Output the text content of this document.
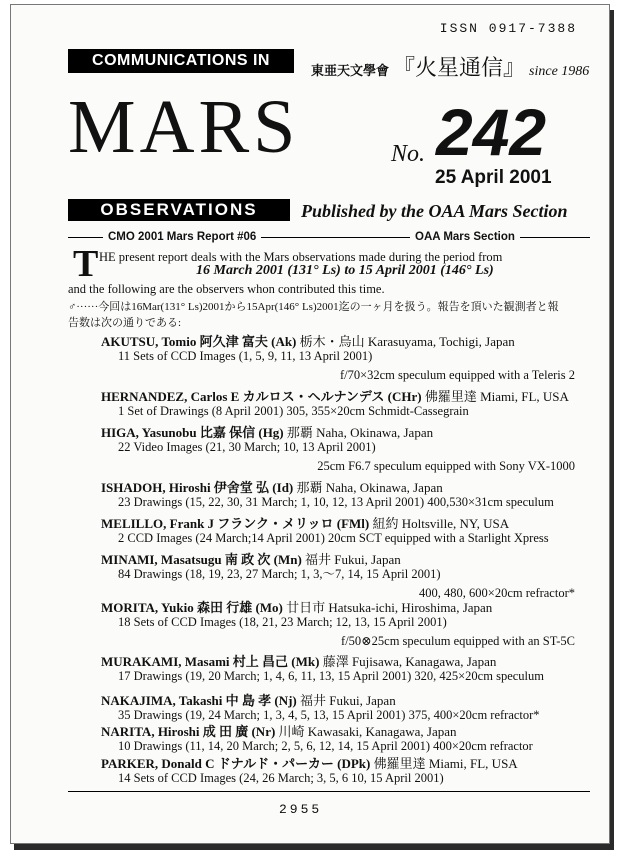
ISSN 0917-7388
COMMUNICATIONS IN
東亜天文學會 『火星通信』 since 1986
MARS	No. 242
25 April 2001
OBSERVATIONS	Published by the OAA Mars Section
CMO 2001 Mars Report #06	OAA Mars Section
T HE present report deals with the Mars observations made during the period from
16 March 2001 (131° Ls) to 15 April 2001 (146° Ls)
and the following are the observers whon contributed this time.
♂······今回は16Mar(131° Ls)2001から15Apr(146° Ls)2001迄の一ヶ月を扱う。報告を頂いた観測者と報
告数は次の通りである:
2955
AKUTSU, Tomio 阿久津 富夫 (Ak) 栃木・烏山 Karasuyama, Tochigi, Japan
11 Sets of CCD Images (1, 5, 9, 11, 13 April 2001)
f/70×32cm speculum equipped with a Teleris 2
HERNANDEZ, Carlos E カルロス・ヘルナンデス (CHr) 佛羅里達 Miami, FL, USA
1 Set of Drawings (8 April 2001) 305, 355×20cm Schmidt-Cassegrain
HIGA, Yasunobu 比嘉 保信 (Hg) 那覇 Naha, Okinawa, Japan
22 Video Images (21, 30 March; 10, 13 April 2001)
25cm F6.7 speculum equipped with Sony VX-1000
ISHADOH, Hiroshi 伊舍堂 弘 (Id) 那覇 Naha, Okinawa, Japan
23 Drawings (15, 22, 30, 31 March; 1, 10, 12, 13 April 2001) 400,530×31cm speculum
MELILLO, Frank J フランク・メリッロ (FMl) 紐約 Holtsville, NY, USA
2 CCD Images (24 March;14 April 2001) 20cm SCT equipped with a Starlight Xpress
MINAMI, Masatsugu 南 政 次 (Mn) 福井 Fukui, Japan
84 Drawings (18, 19, 23, 27 March; 1, 3,〜7, 14, 15 April 2001)
400, 480, 600×20cm refractor*
MORITA, Yukio 森田 行雄 (Mo) 廿日市 Hatsuka-ichi, Hiroshima, Japan
18 Sets of CCD Images (18, 21, 23 March; 12, 13, 15 April 2001)
f/50⊗25cm speculum equipped with an ST-5C
MURAKAMI, Masami 村上 昌己 (Mk) 藤澤 Fujisawa, Kanagawa, Japan
17 Drawings (19, 20 March; 1, 4, 6, 11, 13, 15 April 2001) 320, 425×20cm speculum
NAKAJIMA, Takashi 中 島 孝 (Nj) 福井 Fukui, Japan
35 Drawings (19, 24 March; 1, 3, 4, 5, 13, 15 April 2001) 375, 400×20cm refractor*
NARITA, Hiroshi 成 田 廣 (Nr) 川崎 Kawasaki, Kanagawa, Japan
10 Drawings (11, 14, 20 March; 2, 5, 6, 12, 14, 15 April 2001) 400×20cm refractor
PARKER, Donald C ドナルド・パーカー (DPk) 佛羅里達 Miami, FL, USA
14 Sets of CCD Images (24, 26 March; 3, 5, 6 10, 15 April 2001)
